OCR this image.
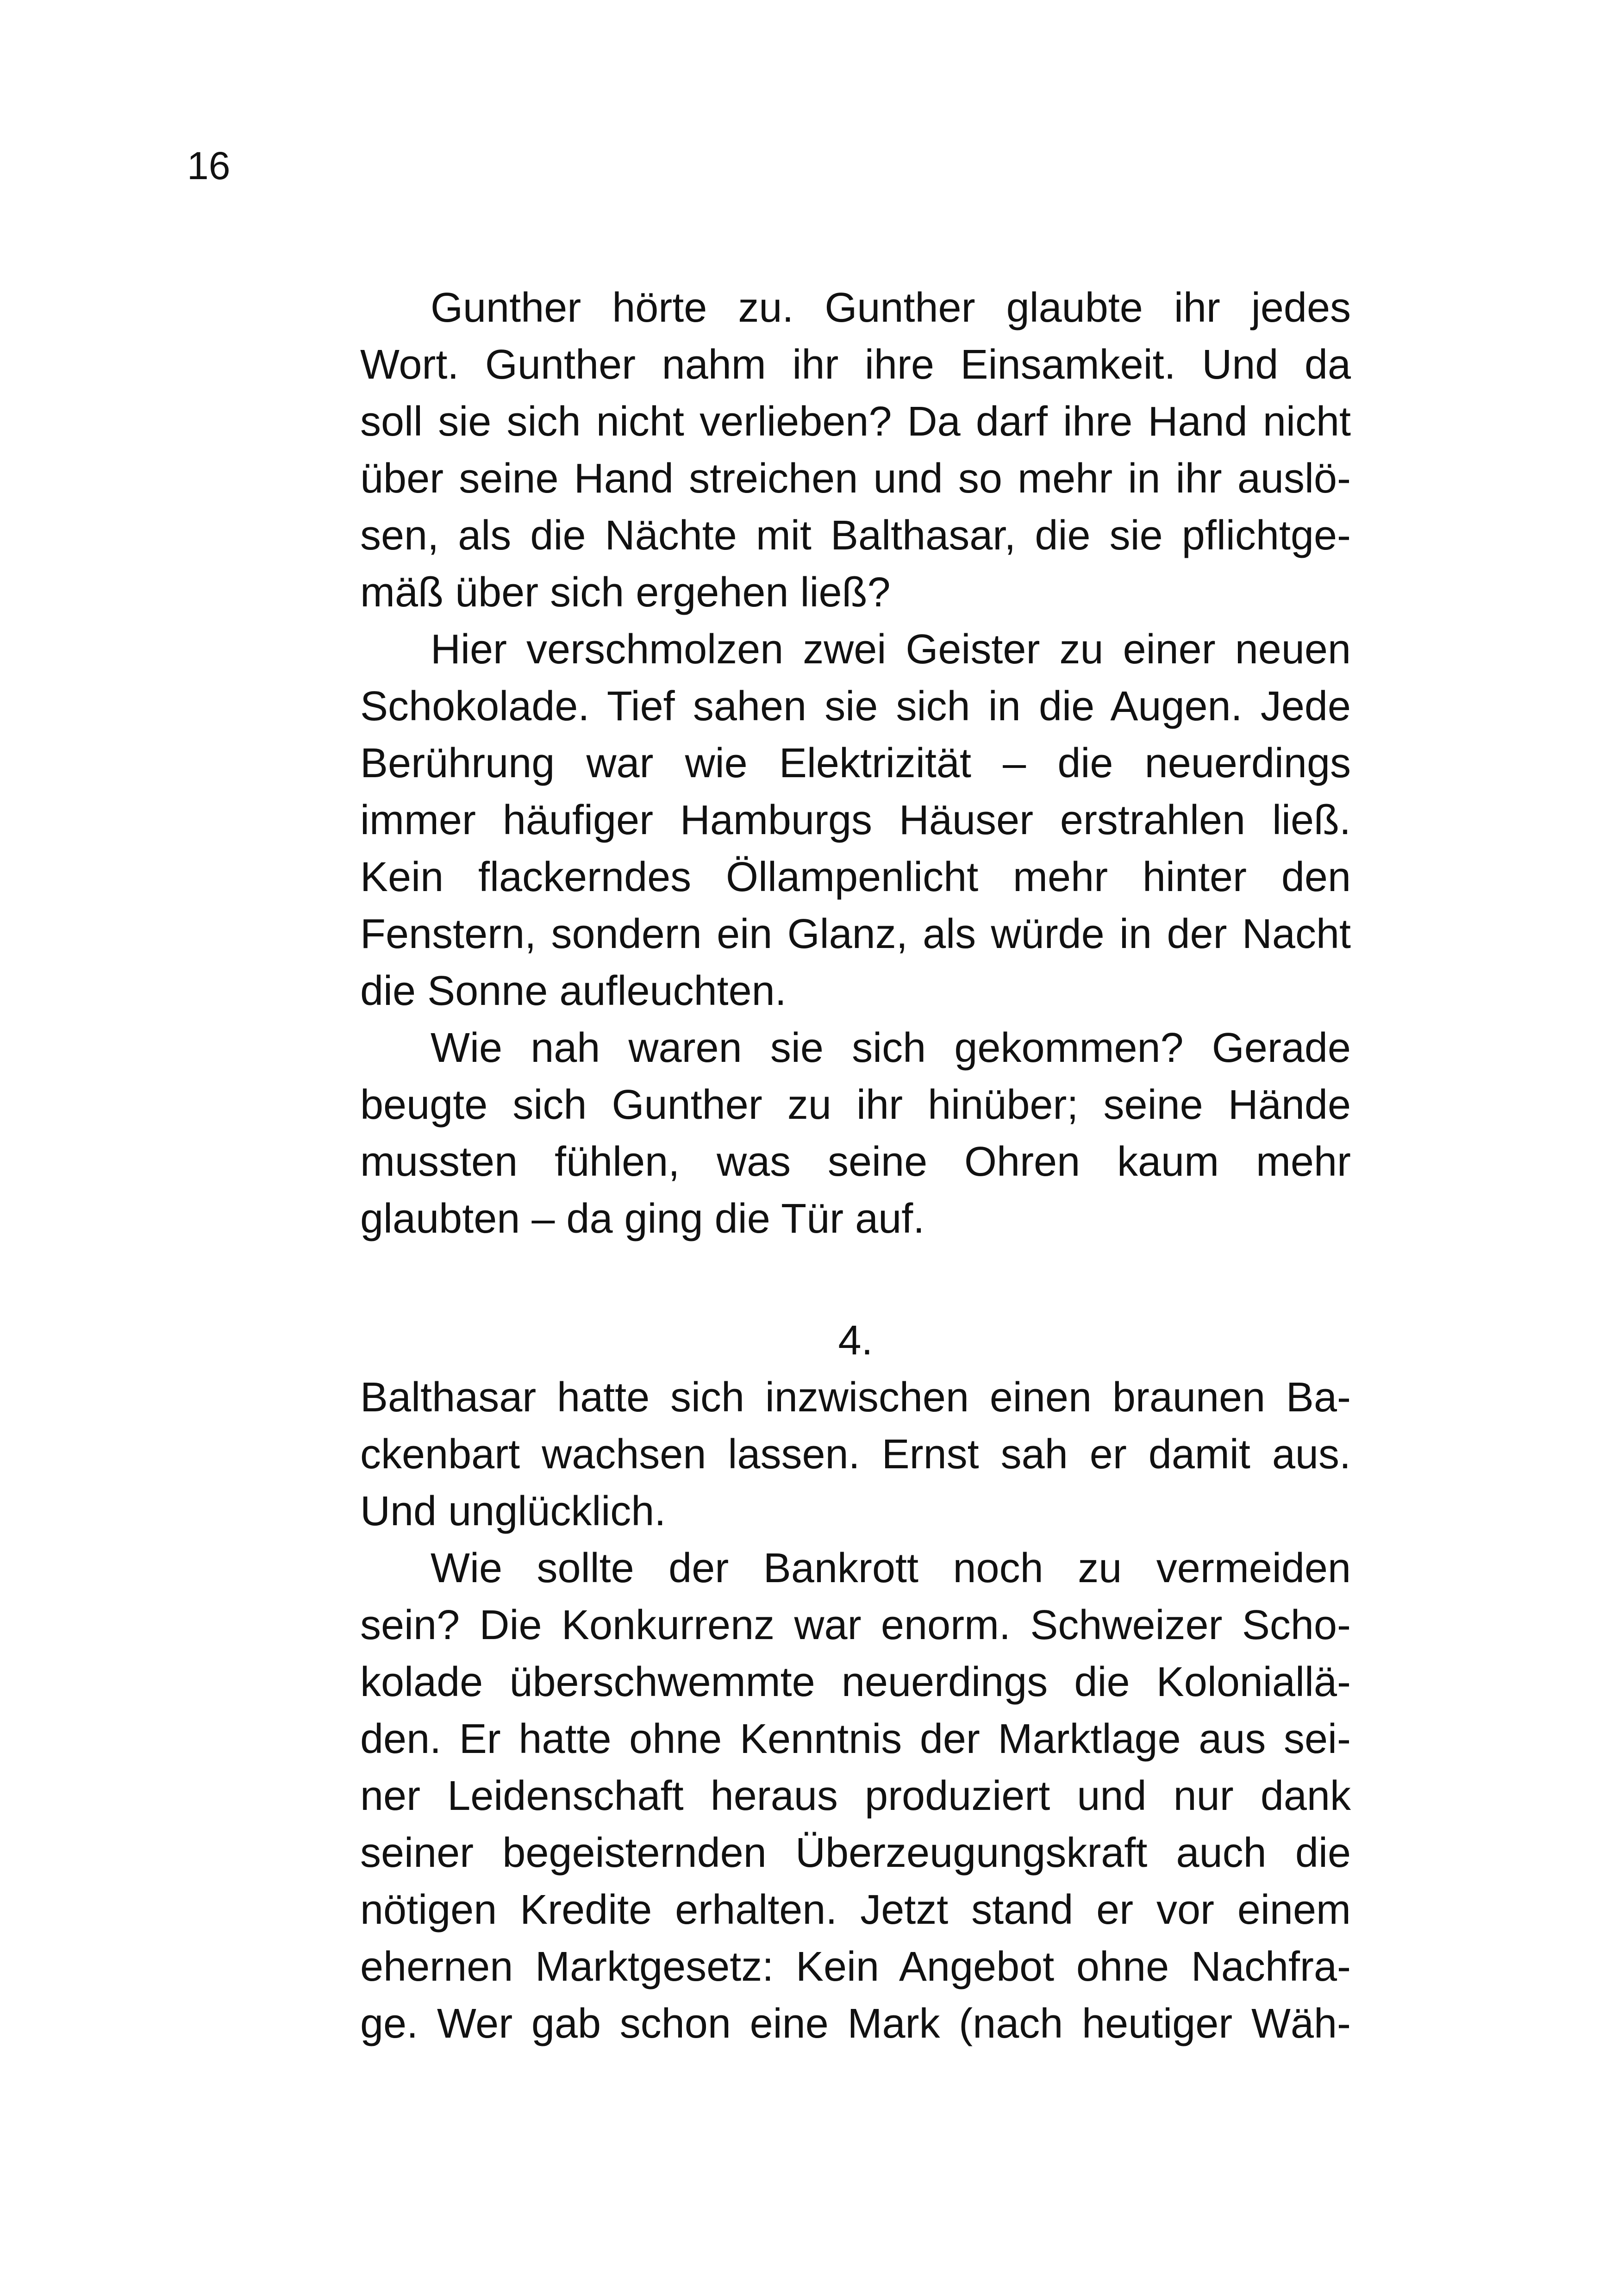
16
Gunther hörte zu. Gunther glaubte ihr jedes
Wort. Gunther nahm ihr ihre Einsamkeit. Und da
soll sie sich nicht verlieben? Da darf ihre Hand nicht
über seine Hand streichen und so mehr in ihr auslö-
sen, als die Nächte mit Balthasar, die sie pflichtge-
mäß über sich ergehen ließ?
Hier verschmolzen zwei Geister zu einer neuen
Schokolade. Tief sahen sie sich in die Augen. Jede
Berührung war wie Elektrizität – die neuerdings
immer häufiger Hamburgs Häuser erstrahlen ließ.
Kein flackerndes Öllampenlicht mehr hinter den
Fenstern, sondern ein Glanz, als würde in der Nacht
die Sonne aufleuchten.
Wie nah waren sie sich gekommen? Gerade
beugte sich Gunther zu ihr hinüber; seine Hände
mussten fühlen, was seine Ohren kaum mehr
glaubten – da ging die Tür auf.
4.
Balthasar hatte sich inzwischen einen braunen Ba-
ckenbart wachsen lassen. Ernst sah er damit aus.
Und unglücklich.
Wie sollte der Bankrott noch zu vermeiden
sein? Die Konkurrenz war enorm. Schweizer Scho-
kolade überschwemmte neuerdings die Koloniallä-
den. Er hatte ohne Kenntnis der Marktlage aus sei-
ner Leidenschaft heraus produziert und nur dank
seiner begeisternden Überzeugungskraft auch die
nötigen Kredite erhalten. Jetzt stand er vor einem
ehernen Marktgesetz: Kein Angebot ohne Nachfra-
ge. Wer gab schon eine Mark (nach heutiger Wäh-
